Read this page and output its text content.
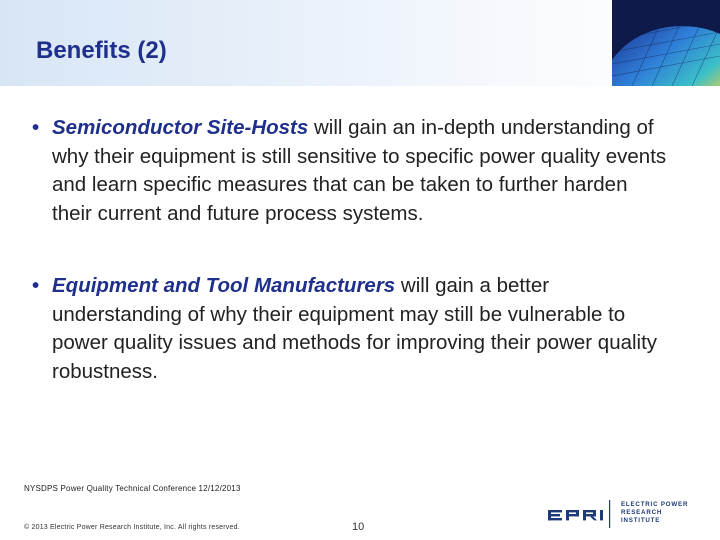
Benefits (2)
• Semiconductor Site-Hosts will gain an in-depth understanding of why their equipment is still sensitive to specific power quality events and learn specific measures that can be taken to further harden their current and future process systems.
• Equipment and Tool Manufacturers will gain a better understanding of why their equipment may still be vulnerable to power quality issues and methods for improving their power quality robustness.
NYSDPS Power Quality Technical Conference 12/12/2013
© 2013 Electric Power Research Institute, Inc. All rights reserved.	10
ELECTRIC POWER
RESEARCH INSTITUTE
